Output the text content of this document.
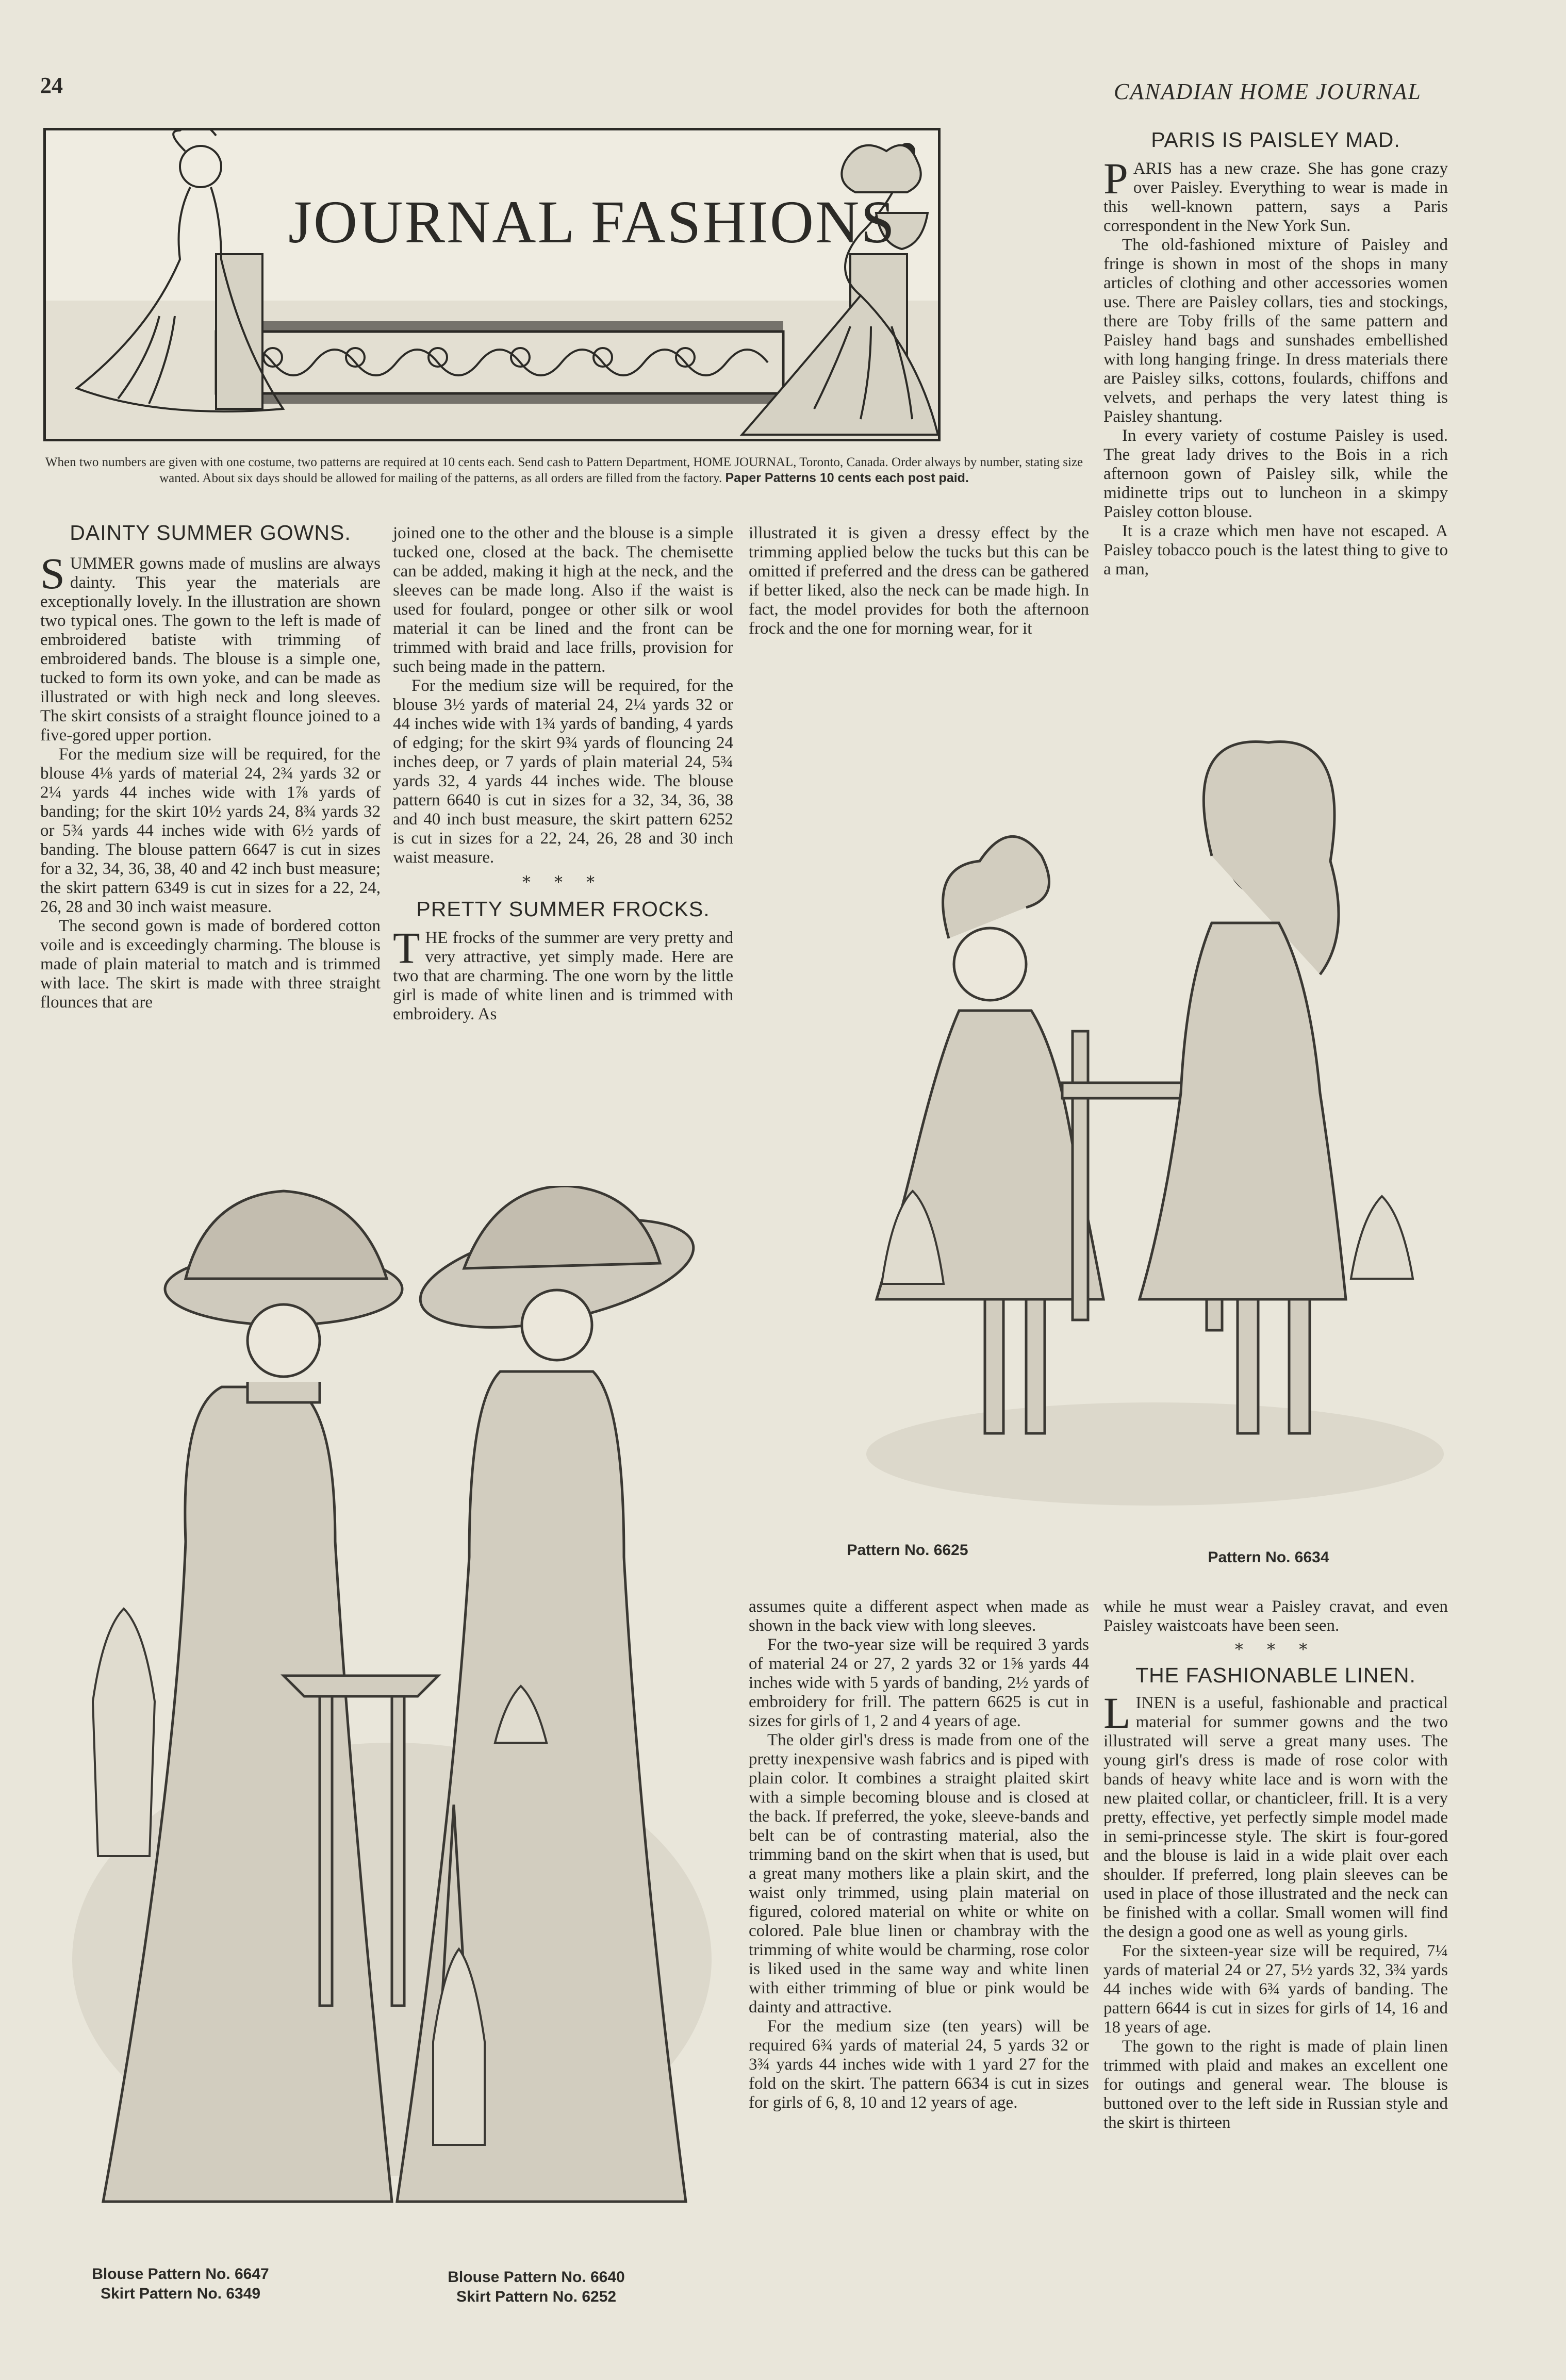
24	CANADIAN HOME JOURNAL
JOURNAL FASHIONS
When two numbers are given with one costume, two patterns are required at 10 cents each. Send cash to Pattern Department, HOME JOURNAL, Toronto, Canada. Order always by number, stating size wanted. About six days should be allowed for mailing of the patterns, as all orders are filled from the factory. Paper Patterns 10 cents each post paid.
DAINTY SUMMER GOWNS.

SUMMER gowns made of muslins are always dainty. This year the materials are exceptionally lovely. In the illustration are shown two typical ones. The gown to the left is made of embroidered batiste with trimming of embroidered bands. The blouse is a simple one, tucked to form its own yoke, and can be made as illustrated or with high neck and long sleeves. The skirt consists of a straight flounce joined to a five-gored upper portion.

For the medium size will be required, for the blouse 4⅛ yards of material 24, 2¾ yards 32 or 2¼ yards 44 inches wide with 1⅞ yards of banding; for the skirt 10½ yards 24, 8¾ yards 32 or 5¾ yards 44 inches wide with 6½ yards of banding. The blouse pattern 6647 is cut in sizes for a 32, 34, 36, 38, 40 and 42 inch bust measure; the skirt pattern 6349 is cut in sizes for a 22, 24, 26, 28 and 30 inch waist measure.

The second gown is made of bordered cotton voile and is exceedingly charming. The blouse is made of plain material to match and is trimmed with lace. The skirt is made with three straight flounces that are

joined one to the other and the blouse is a simple tucked one, closed at the back. The chemisette can be added, making it high at the neck, and the sleeves can be made long. Also if the waist is used for foulard, pongee or other silk or wool material it can be lined and the front can be trimmed with braid and lace frills, provision for such being made in the pattern.

For the medium size will be required, for the blouse 3½ yards of material 24, 2¼ yards 32 or 44 inches wide with 1¾ yards of banding, 4 yards of edging; for the skirt 9¾ yards of flouncing 24 inches deep, or 7 yards of plain material 24, 5¾ yards 32, 4 yards 44 inches wide. The blouse pattern 6640 is cut in sizes for a 32, 34, 36, 38 and 40 inch bust measure, the skirt pattern 6252 is cut in sizes for a 22, 24, 26, 28 and 30 inch waist measure.

* * *
PRETTY SUMMER FROCKS.

THE frocks of the summer are very pretty and very attractive, yet simply made. Here are two that are charming. The one worn by the little girl is made of white linen and is trimmed with embroidery. As

illustrated it is given a dressy effect by the trimming applied below the tucks but this can be omitted if preferred and the dress can be gathered if better liked, also the neck can be made high. In fact, the model provides for both the afternoon frock and the one for morning wear, for it

PARIS IS PAISLEY MAD.

PARIS has a new craze. She has gone crazy over Paisley. Everything to wear is made in this well-known pattern, says a Paris correspondent in the New York Sun.

The old-fashioned mixture of Paisley and fringe is shown in most of the shops in many articles of clothing and other accessories women use. There are Paisley collars, ties and stockings, there are Toby frills of the same pattern and Paisley hand bags and sunshades embellished with long hanging fringe. In dress materials there are Paisley silks, cottons, foulards, chiffons and velvets, and perhaps the very latest thing is Paisley shantung.

In every variety of costume Paisley is used. The great lady drives to the Bois in a rich afternoon gown of Paisley silk, while the midinette trips out to luncheon in a skimpy Paisley cotton blouse.

It is a craze which men have not escaped. A Paisley tobacco pouch is the latest thing to give to a man,

Pattern No. 6625	Pattern No. 6634
Blouse Pattern No. 6647
Skirt Pattern No. 6349
Blouse Pattern No. 6640
Skirt Pattern No. 6252

assumes quite a different aspect when made as shown in the back view with long sleeves.

For the two-year size will be required 3 yards of material 24 or 27, 2 yards 32 or 1⅝ yards 44 inches wide with 5 yards of banding, 2½ yards of embroidery for frill. The pattern 6625 is cut in sizes for girls of 1, 2 and 4 years of age.

The older girl's dress is made from one of the pretty inexpensive wash fabrics and is piped with plain color. It combines a straight plaited skirt with a simple becoming blouse and is closed at the back. If preferred, the yoke, sleeve-bands and belt can be of contrasting material, also the trimming band on the skirt when that is used, but a great many mothers like a plain skirt, and the waist only trimmed, using plain material on figured, colored material on white or white on colored. Pale blue linen or chambray with the trimming of white would be charming, rose color is liked used in the same way and white linen with either trimming of blue or pink would be dainty and attractive.

For the medium size (ten years) will be required 6¾ yards of material 24, 5 yards 32 or 3¾ yards 44 inches wide with 1 yard 27 for the fold on the skirt. The pattern 6634 is cut in sizes for girls of 6, 8, 10 and 12 years of age.

while he must wear a Paisley cravat, and even Paisley waistcoats have been seen.

* * *
THE FASHIONABLE LINEN.

LINEN is a useful, fashionable and practical material for summer gowns and the two illustrated will serve a great many uses. The young girl's dress is made of rose color with bands of heavy white lace and is worn with the new plaited collar, or chanticleer, frill. It is a very pretty, effective, yet perfectly simple model made in semi-princesse style. The skirt is four-gored and the blouse is laid in a wide plait over each shoulder. If preferred, long plain sleeves can be used in place of those illustrated and the neck can be finished with a collar. Small women will find the design a good one as well as young girls.

For the sixteen-year size will be required, 7¼ yards of material 24 or 27, 5½ yards 32, 3¾ yards 44 inches wide with 6¾ yards of banding. The pattern 6644 is cut in sizes for girls of 14, 16 and 18 years of age.

The gown to the right is made of plain linen trimmed with plaid and makes an excellent one for outings and general wear. The blouse is buttoned over to the left side in Russian style and the skirt is thirteen
